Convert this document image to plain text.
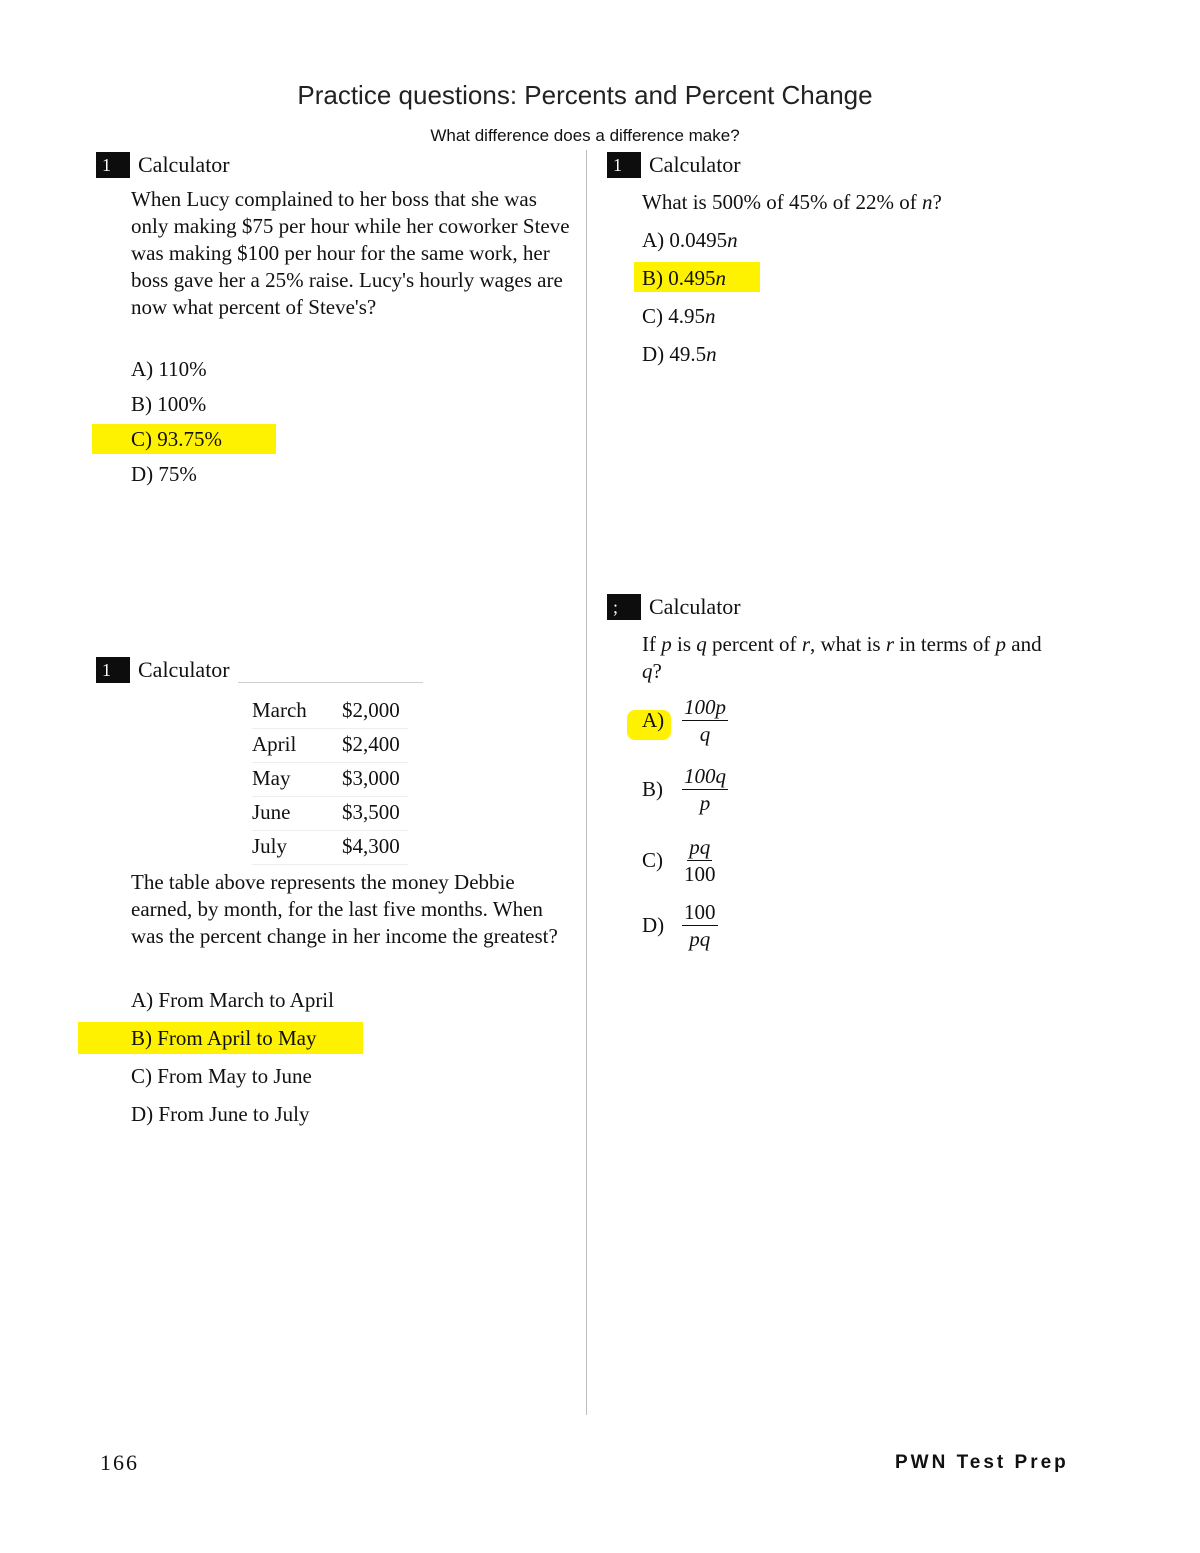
Practice questions: Percents and Percent Change
What difference does a difference make?
1	Calculator
When Lucy complained to her boss that she was only making $75 per hour while her coworker Steve was making $100 per hour for the same work, her boss gave her a 25% raise. Lucy's hourly wages are now what percent of Steve's?
A) 110%
B) 100%
C) 93.75%
D) 75%
1	Calculator
March	$2,000
April	$2,400
May	$3,000
June	$3,500
July	$4,300
The table above represents the money Debbie earned, by month, for the last five months. When was the percent change in her income the greatest?
A) From March to April
B) From April to May
C) From May to June
D) From June to July
1	Calculator
What is 500% of 45% of 22% of n?
A) 0.0495n
B) 0.495n
C) 4.95n
D) 49.5n
;	Calculator
If p is q percent of r, what is r in terms of p and q?
$A) \frac{100p}{q}$
$B) \frac{100q}{p}$
$C) \frac{pq}{100}$
$D) \frac{100}{pq}$
166	PWN Test Prep
